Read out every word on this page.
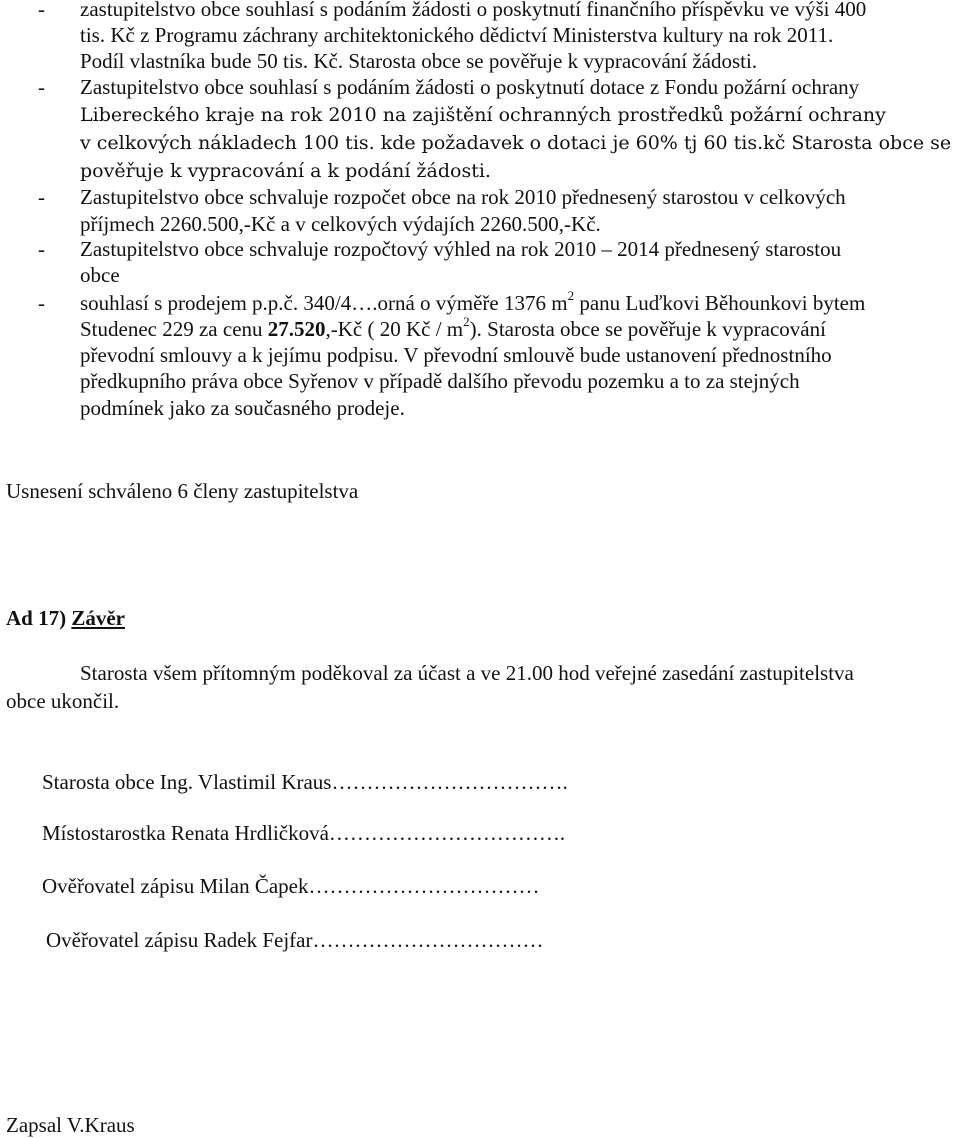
- zastupitelstvo obce souhlasí s podáním žádosti o poskytnutí finančního příspěvku ve výši 400
tis. Kč z Programu záchrany architektonického dědictví Ministerstva kultury na rok 2011.
Podíl vlastníka bude 50 tis. Kč. Starosta obce se pověřuje k vypracování žádosti.
- Zastupitelstvo obce souhlasí s podáním žádosti o poskytnutí dotace z Fondu požární ochrany
Libereckého kraje na rok 2010 na zajištění ochranných prostředků požární ochrany
v celkových nákladech 100 tis. kde požadavek o dotaci je 60% tj 60 tis.kč Starosta obce se
pověřuje k vypracování a k podání žádosti.
- Zastupitelstvo obce schvaluje rozpočet obce na rok 2010 přednesený starostou v celkových
příjmech 2260.500,-Kč a v celkových výdajích 2260.500,-Kč.
- Zastupitelstvo obce schvaluje rozpočtový výhled na rok 2010 – 2014 přednesený starostou
obce
- souhlasí s prodejem p.p.č. 340/4….orná o výměře 1376 $m^2$ panu Luďkovi Běhounkovi bytem
Studenec 229 za cenu 27.520,-Kč ( 20 Kč / $m^2$). Starosta obce se pověřuje k vypracování
převodní smlouvy a k jejímu podpisu. V převodní smlouvě bude ustanovení přednostního
předkupního práva obce Syřenov v případě dalšího převodu pozemku a to za stejných
podmínek jako za současného prodeje.
Usnesení schváleno 6 členy zastupitelstva
Ad 17) Závěr
Starosta všem přítomným poděkoval za účast a ve 21.00 hod veřejné zasedání zastupitelstva
obce ukončil.
Starosta obce Ing. Vlastimil Kraus…………………………….
Místostarostka Renata Hrdličková…………………………….
Ověřovatel zápisu Milan Čapek……………………………
Ověřovatel zápisu Radek Fejfar……………………………
Zapsal V.Kraus
